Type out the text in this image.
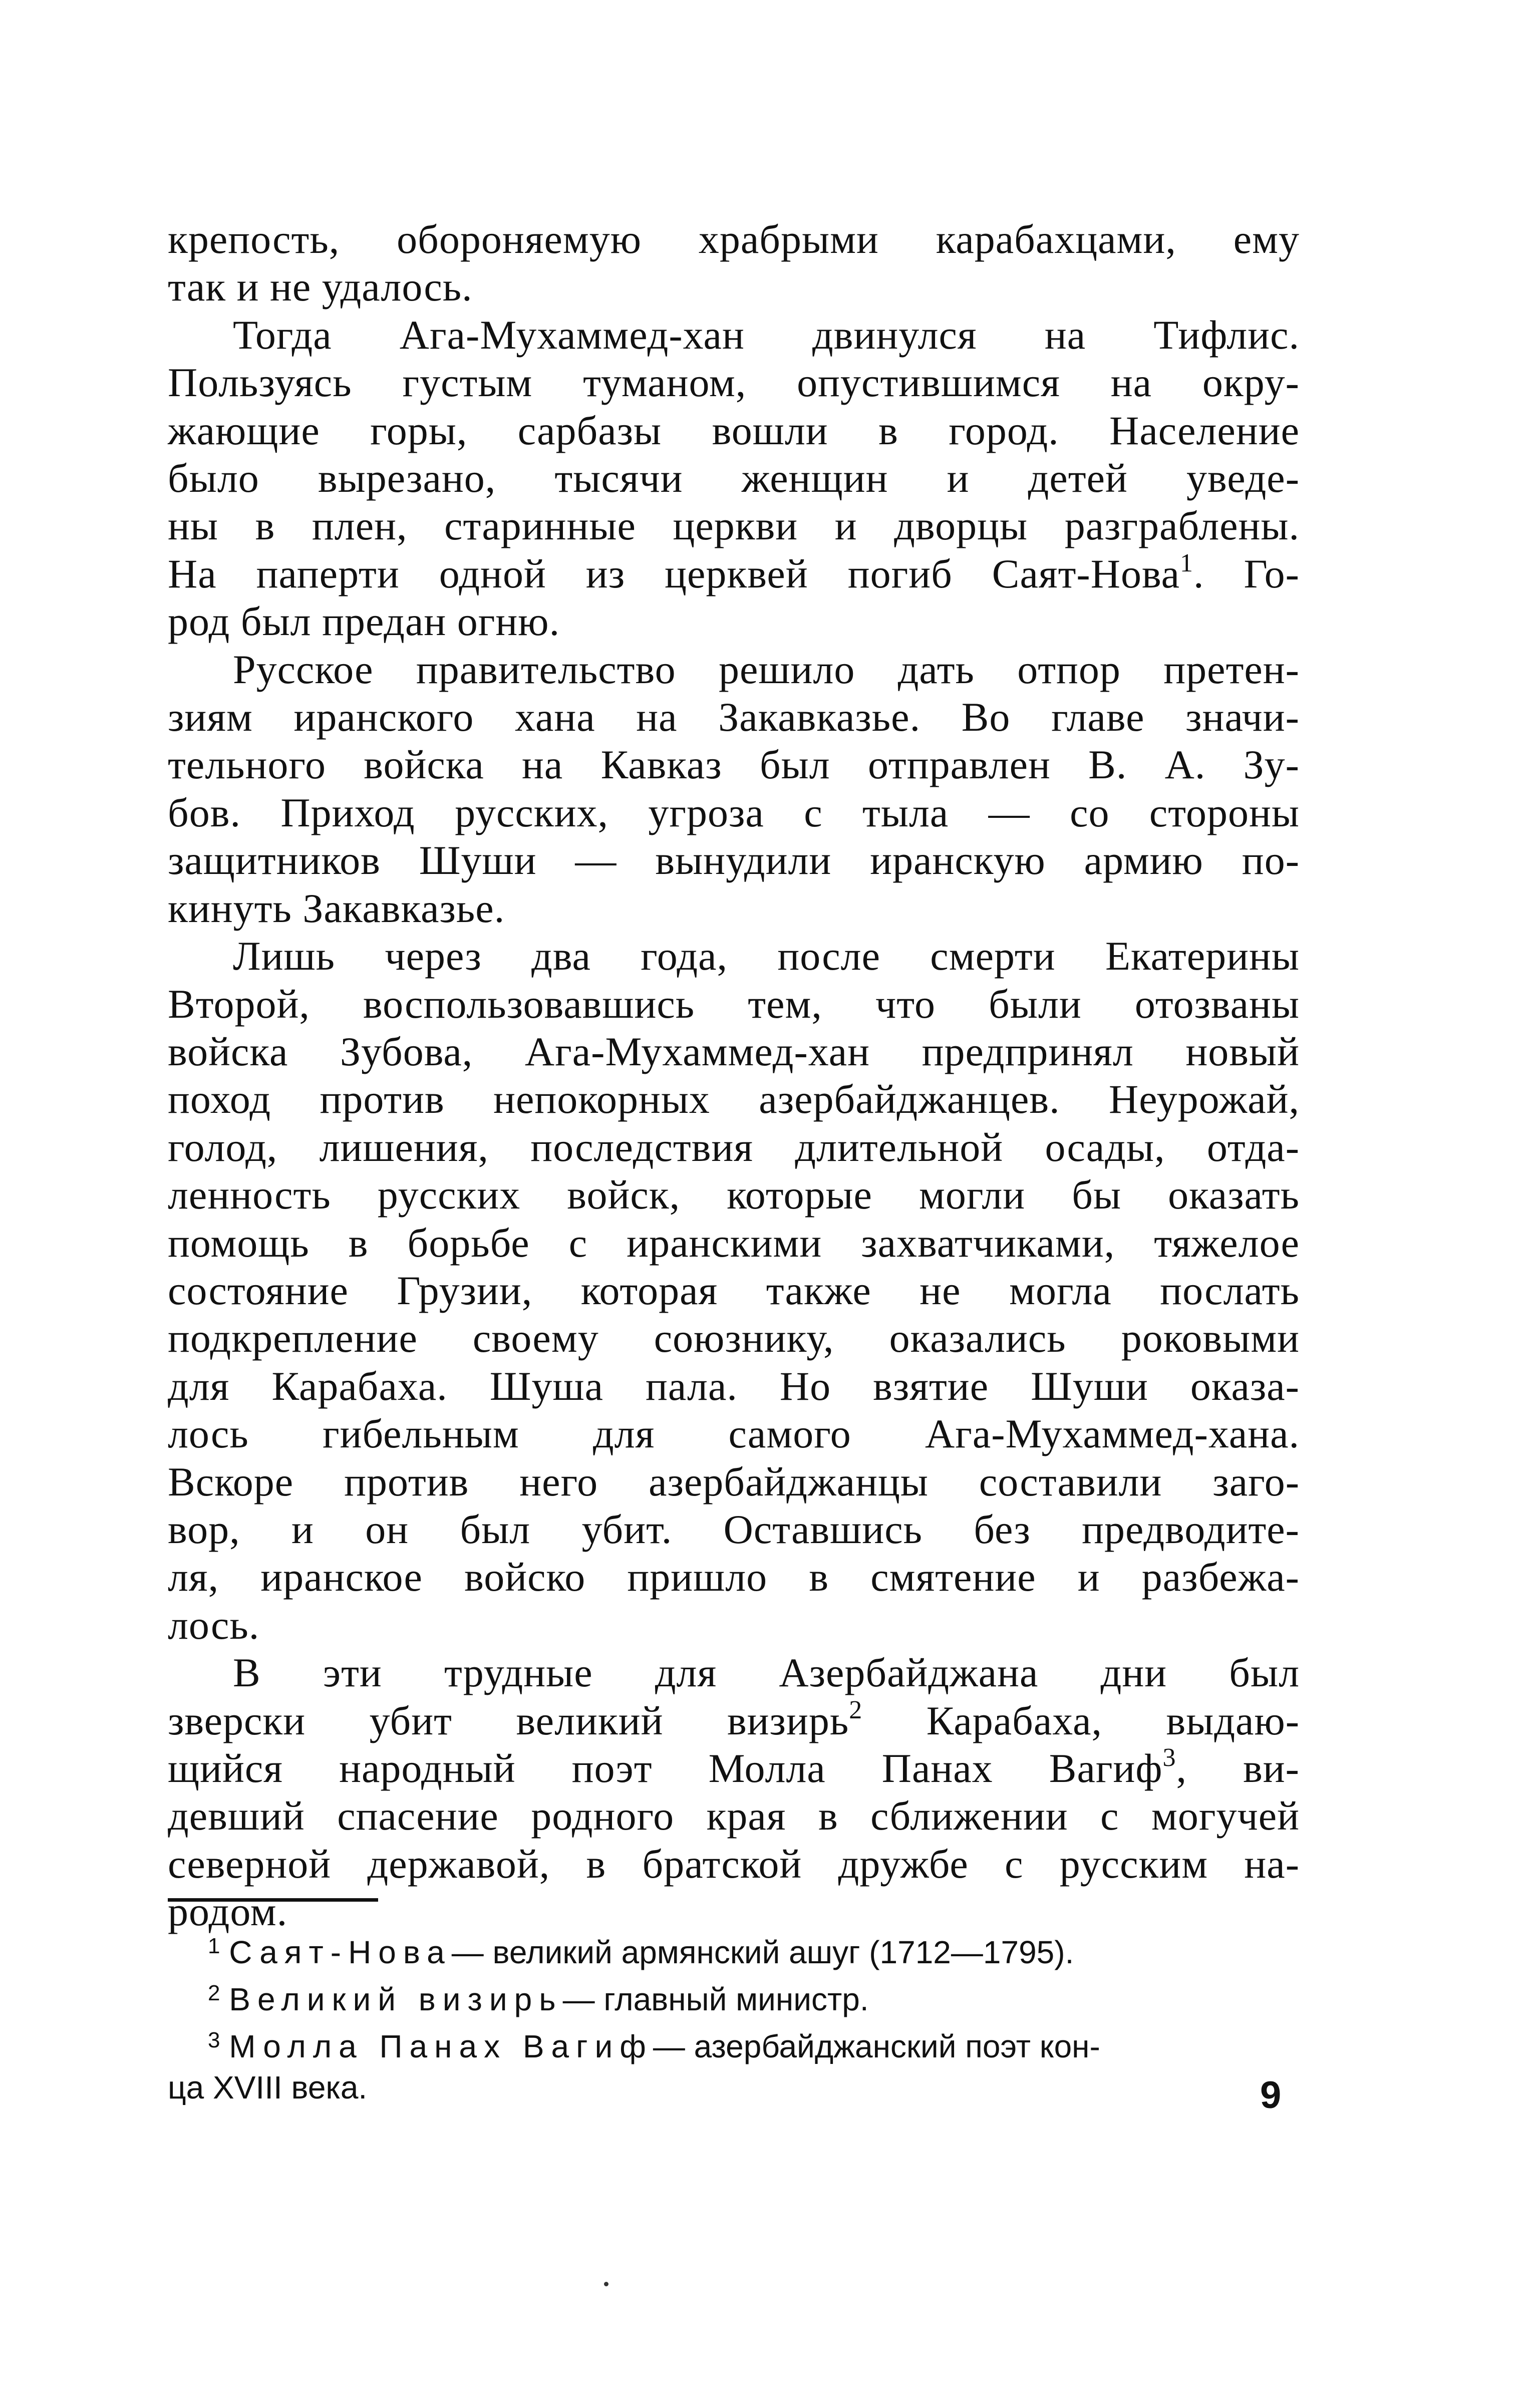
крепость, обороняемую храбрыми карабахцами, ему
так и не удалось.

Тогда Ага-Мухаммед-хан двинулся на Тифлис.
Пользуясь густым туманом, опустившимся на окру-
жающие горы, сарбазы вошли в город. Население
было вырезано, тысячи женщин и детей уведе-
ны в плен, старинные церкви и дворцы разграблены.
На паперти одной из церквей погиб Саят-Нова$^1$. Го-
род был предан огню.

Русское правительство решило дать отпор претен-
зиям иранского хана на Закавказье. Во главе значи-
тельного войска на Кавказ был отправлен В. А. Зу-
бов. Приход русских, угроза с тыла — со стороны
защитников Шуши — вынудили иранскую армию по-
кинуть Закавказье.

Лишь через два года, после смерти Екатерины
Второй, воспользовавшись тем, что были отозваны
войска Зубова, Ага-Мухаммед-хан предпринял новый
поход против непокорных азербайджанцев. Неурожай,
голод, лишения, последствия длительной осады, отда-
ленность русских войск, которые могли бы оказать
помощь в борьбе с иранскими захватчиками, тяжелое
состояние Грузии, которая также не могла послать
подкрепление своему союзнику, оказались роковыми
для Карабаха. Шуша пала. Но взятие Шуши оказа-
лось гибельным для самого Ага-Мухаммед-хана.
Вскоре против него азербайджанцы составили заго-
вор, и он был убит. Оставшись без предводите-
ля, иранское войско пришло в смятение и разбежа-
лось.

В эти трудные для Азербайджана дни был
зверски убит великий визирь$^2$ Карабаха, выдаю-
щийся народный поэт Молла Панах Вагиф$^3$, ви-
девший спасение родного края в сближении с могучей
северной державой, в братской дружбе с русским на-
родом.

$^1$ Саят-Нова— великий армянский ашуг (1712—1795).
$^2$ Великий визирь— главный министр.
$^3$ Молла Панах Вагиф— азербайджанский поэт кон-
ца XVIII века.	9
